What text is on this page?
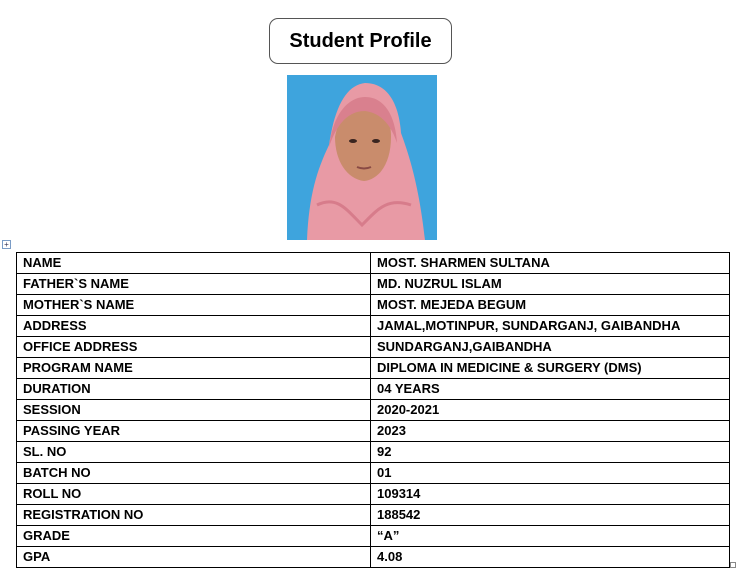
Student Profile
+
NAME	MOST. SHARMEN SULTANA
FATHER`S NAME	MD. NUZRUL ISLAM
MOTHER`S NAME	MOST. MEJEDA BEGUM
ADDRESS	JAMAL,MOTINPUR, SUNDARGANJ, GAIBANDHA
OFFICE ADDRESS	SUNDARGANJ,GAIBANDHA
PROGRAM NAME	DIPLOMA IN MEDICINE & SURGERY (DMS)
DURATION	04 YEARS
SESSION	2020-2021
PASSING YEAR	2023
SL. NO	92
BATCH NO	01
ROLL NO	109314
REGISTRATION NO	188542
GRADE	“A”
GPA	4.08
